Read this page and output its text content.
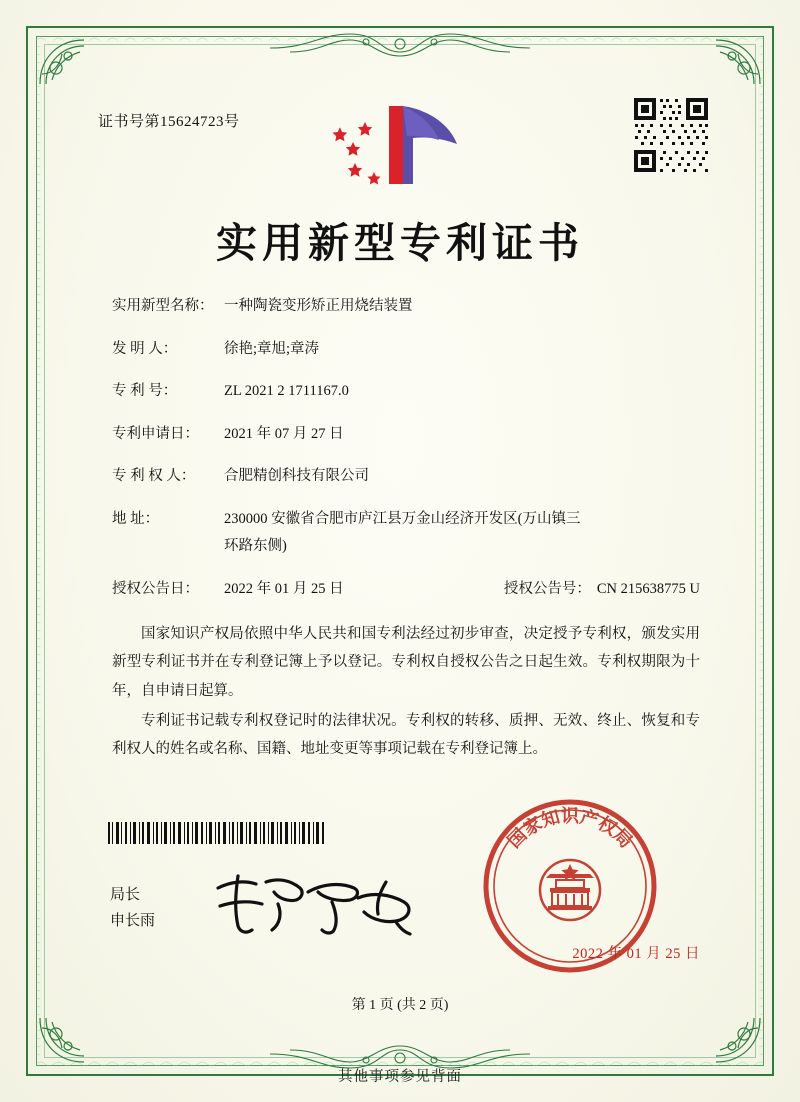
证书号第15624723号
实用新型专利证书
实用新型名称： 一种陶瓷变形矫正用烧结装置
发 明 人：	徐艳;章旭;章涛
专 利 号：	ZL 2021 2 1711167.0
专利申请日：	2021 年 07 月 27 日
专 利 权 人：	合肥精创科技有限公司
地 址：	230000 安徽省合肥市庐江县万金山经济开发区(万山镇三
环路东侧)
授权公告日：	2022 年 01 月 25 日	授权公告号： CN 215638775 U

国家知识产权局依照中华人民共和国专利法经过初步审查，决定授予专利权，颁发实用新型专利证书并在专利登记簿上予以登记。专利权自授权公告之日起生效。专利权期限为十年，自申请日起算。

专利证书记载专利权登记时的法律状况。专利权的转移、质押、无效、终止、恢复和专利权人的姓名或名称、国籍、地址变更等事项记载在专利登记簿上。

局长
申长雨
国家知识产权局
2022 年 01 月 25 日
第 1 页 (共 2 页)
其他事项参见背面
